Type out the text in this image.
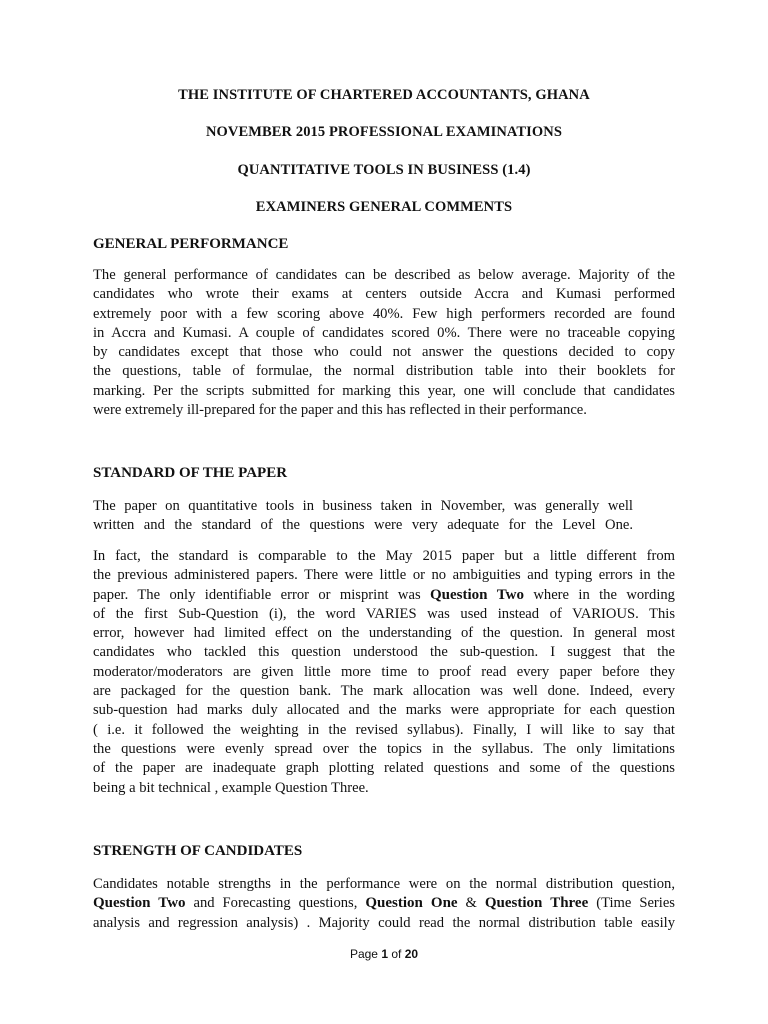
THE INSTITUTE OF CHARTERED ACCOUNTANTS, GHANA
NOVEMBER 2015 PROFESSIONAL EXAMINATIONS
QUANTITATIVE TOOLS IN BUSINESS (1.4)
EXAMINERS GENERAL COMMENTS
GENERAL PERFORMANCE
The general performance of candidates can be described as below average. Majority of the
candidates who wrote their exams at centers outside Accra and Kumasi performed
extremely poor with a few scoring above 40%. Few high performers recorded are found
in Accra and Kumasi. A couple of candidates scored 0%. There were no traceable copying
by candidates except that those who could not answer the questions decided to copy
the questions, table of formulae, the normal distribution table into their booklets for
marking. Per the scripts submitted for marking this year, one will conclude that candidates
were extremely ill-prepared for the paper and this has reflected in their performance.
STANDARD OF THE PAPER
The paper on quantitative tools in business taken in November, was generally well
written and the standard of the questions were very adequate for the Level One.
In fact, the standard is comparable to the May 2015 paper but a little different from
the previous administered papers. There were little or no ambiguities and typing errors in the
paper. The only identifiable error or misprint was Question Two where in the wording
of the first Sub-Question (i), the word VARIES was used instead of VARIOUS. This
error, however had limited effect on the understanding of the question. In general most
candidates who tackled this question understood the sub-question. I suggest that the
moderator/moderators are given little more time to proof read every paper before they
are packaged for the question bank. The mark allocation was well done. Indeed, every
sub-question had marks duly allocated and the marks were appropriate for each question
( i.e. it followed the weighting in the revised syllabus). Finally, I will like to say that
the questions were evenly spread over the topics in the syllabus. The only limitations
of the paper are inadequate graph plotting related questions and some of the questions
being a bit technical , example Question Three.
STRENGTH OF CANDIDATES
Candidates notable strengths in the performance were on the normal distribution question,
Question Two and Forecasting questions, Question One & Question Three (Time Series
analysis and regression analysis) . Majority could read the normal distribution table easily
Page 1 of 20
